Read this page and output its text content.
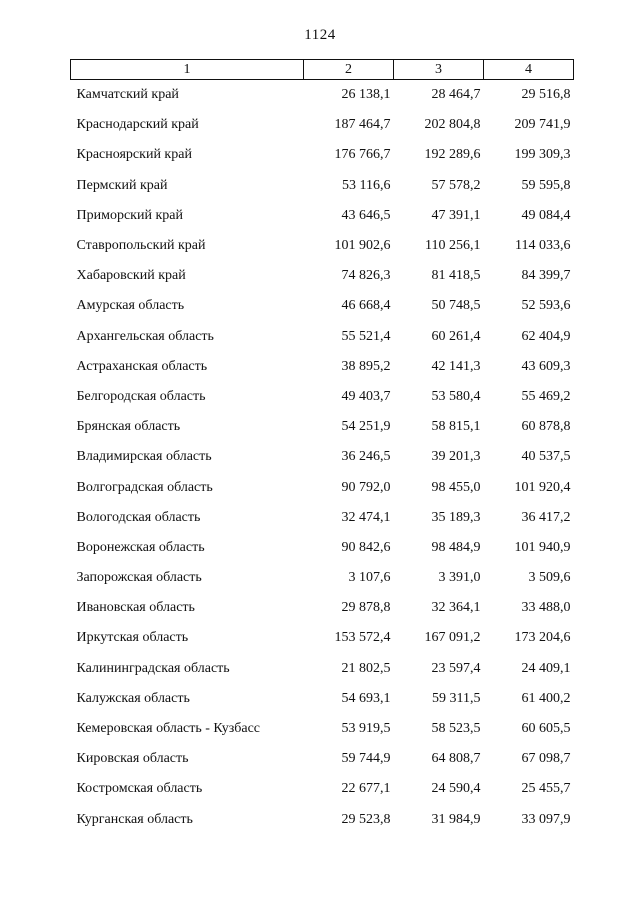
1124
1	2	3	4
Камчатский край	26 138,1	28 464,7	29 516,8
Краснодарский край	187 464,7	202 804,8	209 741,9
Красноярский край	176 766,7	192 289,6	199 309,3
Пермский край	53 116,6	57 578,2	59 595,8
Приморский край	43 646,5	47 391,1	49 084,4
Ставропольский край	101 902,6	110 256,1	114 033,6
Хабаровский край	74 826,3	81 418,5	84 399,7
Амурская область	46 668,4	50 748,5	52 593,6
Архангельская область	55 521,4	60 261,4	62 404,9
Астраханская область	38 895,2	42 141,3	43 609,3
Белгородская область	49 403,7	53 580,4	55 469,2
Брянская область	54 251,9	58 815,1	60 878,8
Владимирская область	36 246,5	39 201,3	40 537,5
Волгоградская область	90 792,0	98 455,0	101 920,4
Вологодская область	32 474,1	35 189,3	36 417,2
Воронежская область	90 842,6	98 484,9	101 940,9
Запорожская область	3 107,6	3 391,0	3 509,6
Ивановская область	29 878,8	32 364,1	33 488,0
Иркутская область	153 572,4	167 091,2	173 204,6
Калининградская область	21 802,5	23 597,4	24 409,1
Калужская область	54 693,1	59 311,5	61 400,2
Кемеровская область - Кузбасс	53 919,5	58 523,5	60 605,5
Кировская область	59 744,9	64 808,7	67 098,7
Костромская область	22 677,1	24 590,4	25 455,7
Курганская область	29 523,8	31 984,9	33 097,9
